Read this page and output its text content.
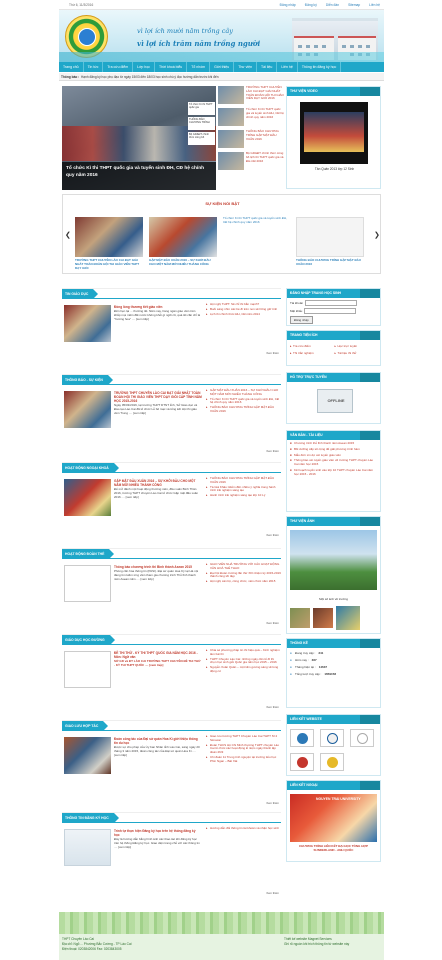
Thứ 6, 11/3/2016	Đăng nhập	Đăng ký	Diễn đàn	Sitemap	Liên hệ
vì lợi ích mười năm trồng cây
vì lợi ích trăm năm trồng người
Trang chủ	Tin tức	Tra cứu điểm	Lớp học	Thời khoá biểu	Tổ nhóm	Giới thiệu	Thư viện	Tài liệu	Liên hệ	Thông tin đăng ký học
Thông báo : Hạnh đăng ký học phụ đạo từ ngày 15/03 đến 18/03 học sinh chú ý đọc hướng dẫn trước khi đến
Tổ chức Kì thi THPT quốc gia và tuyển sinh ĐH, CĐ hệ chính quy năm 2016
Tổ chức Kì thi THPT quốc gia
THÔNG BÁO CHƯƠNG TRÌNH
Bộ GD&ĐT chính thức công bố
TRƯỜNG THPT CHUYÊN LÀO CAI ĐẠT GIẢI NHẤT TOÀN ĐOÀN HỘI THI GIÁO VIÊN DẠY GIỎI 2016
Tổ chức Kì thi THPT quốc gia và tuyển sinh ĐH, CĐ hệ chính quy năm 2016
THÔNG BÁO CHƯƠNG TRÌNH GẶP MẶT ĐẦU XUÂN 2016
Bộ GD&ĐT chính thức công bố lịch thi THPT quốc gia và ĐH-CĐ 2016
THƯ VIỆN VIDEO
Tân Quân 2013 lớp 12 Sinh
SỰ KIỆN NỔI BẬT
❮	❯
TRƯỜNG THPT CHUYÊN LÀO CAI ĐẠT GIẢI NHẤT TOÀN ĐOÀN HỘI THI GIÁO VIÊN THPT DẠY GIỎI
GẶP MẶT ĐẦU XUÂN 2016 – SỰ KHỞI ĐẦU CHO MỘT NĂM MỚI NHIỀU THÀNH CÔNG
Tổ chức Kì thi THPT quốc gia và tuyển sinh ĐH, CĐ hệ chính quy năm 2016
THÔNG BÁO CHƯƠNG TRÌNH GẶP MẶT ĐẦU XUÂN 2016
TIN GIÁO DỤC
Đồng lòng thương tiết giáo viên
Đến hẹn lại ... thường tết. Năm nay, hàng ngàn giáo viên trên khắp mọi miền đất nước không khỏi gì ngồi cũ, quà tết cần chỉ là "hương hoa" .... [xem tiếp]
▸ Hội nghị THPT: Sẽ chỉ thi bắn mạnh?
▸ Buổi sáng nhìn các bé đi trên non sẽ hồng giữ tình
▸ Lịch thi chính thức ĐH, CĐ năm 2014
Xem thêm
THÔNG BÁO - SỰ KIỆN
TRƯỜNG THPT CHUYÊN LÀO CAI ĐẠT GIẢI NHẤT TOÀN ĐOÀN HỘI THI GIÁO VIÊN THPT DẠY GIỎI CẤP TỈNH NĂM HỌC 2015-2016
Ngày 05/03/2016, tại trường THPT DTNT tỉnh, Sở Giáo dục và Đào tạo Lào Cai đã tổ chức Lễ bế mạc và tổng kết Hội thi giáo viên Trung .... [xem tiếp]
▸ GẶP MẶT ĐẦU XUÂN 2016 – SỰ KHỞI ĐẦU CHO MỘT NĂM MỚI NHIỀU THÀNH CÔNG
▸ Tổ chức Kì thi THPT quốc gia và tuyển sinh ĐH, CĐ hệ chính quy năm 2016
▸ THÔNG BÁO CHƯƠNG TRÌNH GẶP MẶT ĐẦU XUÂN 2016
Xem thêm
HOẠT ĐỘNG NGOẠI KHOÁ
GẶP MẶT ĐẦU XUÂN 2016 – SỰ KHỞI ĐẦU CHO MỘT NĂM MỚI NHIỀU THÀNH CÔNG
Để mở đánh một hoạt động thường niên, đầu xuân Bính Thân 2016, trường THPT chuyên Lào Cai tổ chức Gặp mặt đầu xuân 2016 .... [xem tiếp]
▸ THÔNG BÁO CHƯƠNG TRÌNH GẶP MẶT ĐẦU XUÂN 2016
▸ Tà Giá Khâu: Điểm đến nhiều ý nghĩa trong hành trình trải nghiệm sáng tạo
▸ Hành trình trải nghiệm sáng tạo lớp 10 Lý
Xem thêm
HOẠT ĐỘNG ĐOÀN THỂ
Thông báo chương trình thi Bình thành Asean 2015
Phòng cấn hóa thông tin (PASI). Đại sứ quán Hoa Kỳ tại Hà nội đang tìm kiếm ứng viên tham gia chương trình Thủ lĩnh thanh niên Asean năm .... [xem tiếp]
▸ GIAO VIÊN NHÀ TRƯỜNG VỚI CÁC HOẠT ĐỘNG VĂN HOÁ THỂ THAO
▸ Đại hội Đoàn trường lần thứ XIII nhiệm kỳ 2015-2016 thành công tốt đẹp
▸ Hội nghị cán bộ, công chức, viên chức năm 2015
Xem thêm
GIÁO DỤC HỌC ĐƯỜNG
ĐỀ THI THỬ - KỲ THI THPT QUỐC GIA NĂM HỌC 2016 - Môn: Ngữ văn
SỞ GD và ĐT LÀO CAI TRƯỜNG THPT CHUYÊN ĐỀ THI THỬ - KỲ THI THPT QUỐC .... [xem tiếp]
▸ Chia sẻ phương pháp ôn thi hiệu quả – Kinh nghiệm làm bài thi
▸ THPT Chuyên Lào Cai: những ngày cần tổ đi thi chọn học sinh giỏi Quốc gia năm học 2015 – 2016
▸ Nguyễn Xuân Quân – một tấm gương sáng về lòng động cơ
Xem thêm
GIAO LƯU HỢP TÁC
Đoàn công tác của Đại sứ quán Hoa Kì giới thiệu thông tin du học
Được sự cho phép của Ủy ban Nhân tỉnh Lào Cai, sáng ngày 20 tháng 3 năm 2015, đoàn công tác của Đại sứ quán Hoa Kì .... [xem tiếp]
▸ Giao lưu trường THPT Chuyên Lào Cai THPT Sĩ 2 Simacai
▸ Đoàn THCS Hộ Chi Minh thương THPT chuyên Lào Cai tổ chức các hoạt động kỉ niệm ngày thành lập đoàn 26/3
▸ Chi đoàn 11 Trung tình nguyện tại trường tiểu học Phìn Ngan – Bát Xát
Xem thêm
THÔNG TIN ĐĂNG KÝ HỌC
Trình tự thực hiện Đăng ký học trên hệ thống đăng ký học
Đây là hướng dẫn bằng hình ảnh các thao tác khi đăng ký học trên hệ thống Đăng ký học. Giao diện trang chủ với các thông tin .... [xem tiếp]
▸ Hướng dẫn đổi thông tin tài khoản và nhận học sinh
Xem thêm
ĐĂNG NHẬP TRANG HỌC SINH
Tài khoản
Mật khẩu
Đăng nhập
TRANG TIỆN ÍCH
▸ Tra cứu điểm	▸ Học trực tuyến
▸ Thi trắc nghiệm	▸ Tài liệu thi thử
HỖ TRỢ TRỰC TUYẾN
OFFLINE
VĂN BẢN - TÀI LIỆU
■ Chương trình thủ lĩnh thanh niên Asean 2015
■ Bồi dưỡng cấp số cộng để giải phương trình hàm
■ Mẫu đơn xin dự xét tuyển giáo viên
■ Thông báo xét tuyển giáo viên về trường THPT chuyên Lào Cai năm học 2015
■ Kế hoạch tuyển sinh vào lớp 10 THPT chuyên Lào Cai năm học 2015 - 2016
THƯ VIỆN ẢNH
Một số ảnh về trường
THỐNG KÊ
● Đang truy cập : 341
● Hôm nay : 367
● Tháng hiện tại : 14637
● Tổng lượt truy cập : 1659158
LIÊN KẾT WEBSITE
LIÊN KẾT NGOẠI
NGUYEN TRAI UNIVERSITY
CHƯƠNG TRÌNH LIÊN KẾT ĐẠI HỌC TỔNG HỢP SUNDERLAND - ANH QUỐC
THPT Chuyên Lào Cai
Địa chỉ: Ngõ ... Phường Bắc Cường - TP Lào Cai
Điện thoại: 0203842006 Fax: 0203843005
Thiết kế website Magnet Services
Ghi rõ nguồn khi trích thông tin từ website này
